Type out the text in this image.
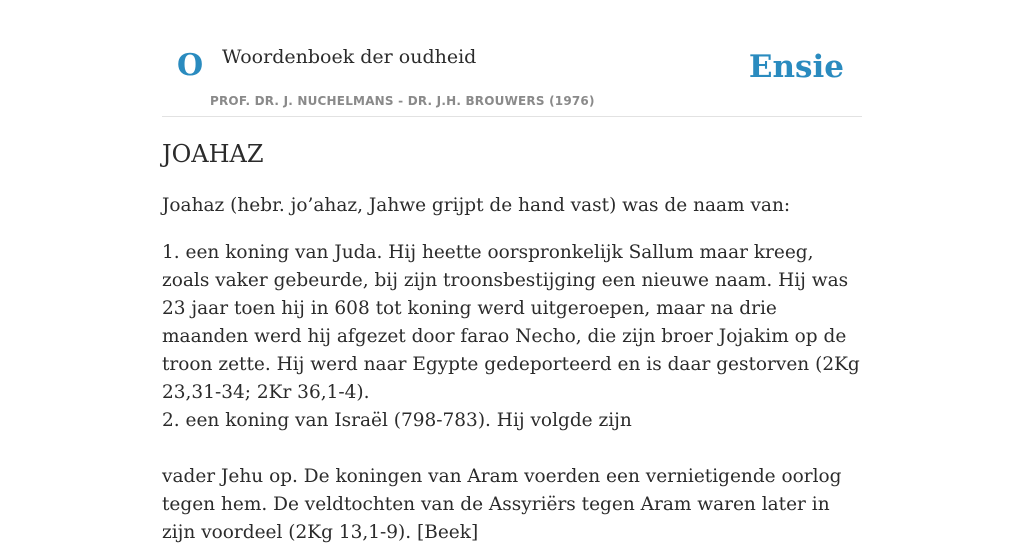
O Woordenboek der oudheid
PROF. DR. J. NUCHELMANS - DR. J.H. BROUWERS (1976)
Ensie
JOAHAZ

Joahaz (hebr. jo’ahaz, Jahwe grijpt de hand vast) was de naam van:

1. een koning van Juda. Hij heette oorspronkelijk Sallum maar kreeg, zoals vaker gebeurde, bij zijn troonsbestijging een nieuwe naam. Hij was 23 jaar toen hij in 608 tot koning werd uitgeroepen, maar na drie maanden werd hij afgezet door farao Necho, die zijn broer Jojakim op de troon zette. Hij werd naar Egypte gedeporteerd en is daar gestorven (2Kg 23,31-34; 2Kr 36,1-4).

2. een koning van Israël (798-783). Hij volgde zijn

vader Jehu op. De koningen van Aram voerden een vernietigende oorlog tegen hem. De veldtochten van de Assyriërs tegen Aram waren later in zijn voordeel (2Kg 13,1-9). [Beek]
